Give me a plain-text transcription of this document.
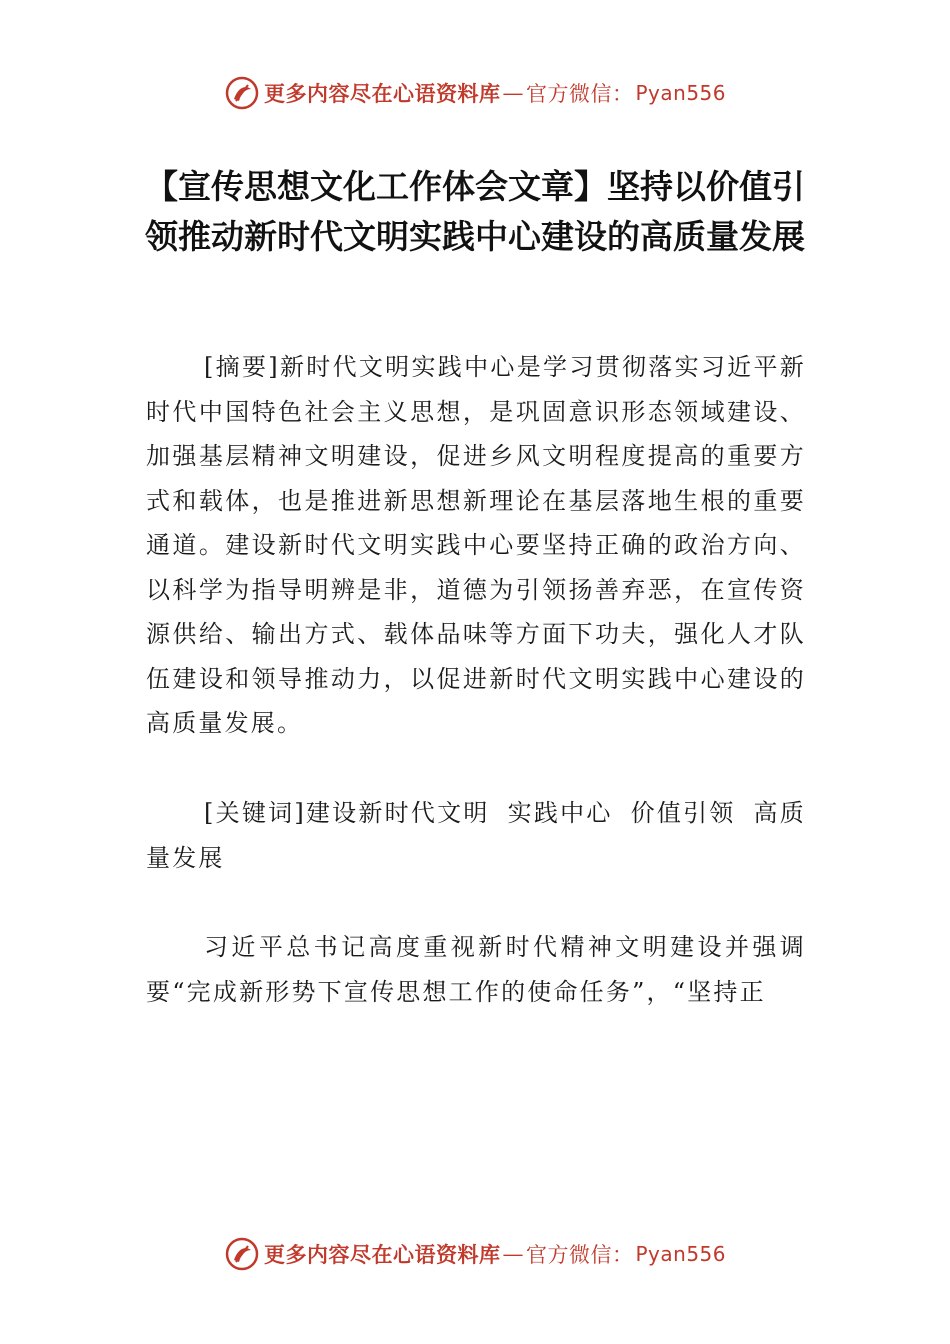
更多内容尽在心语资料库 — 官方微信： Pyan556
【宣传思想文化工作体会文章】坚持以价值引领推动新时代文明实践中心建设的高质量发展

[摘要]新时代文明实践中心是学习贯彻落实习近平新时代中国特色社会主义思想，是巩固意识形态领域建设、加强基层精神文明建设，促进乡风文明程度提高的重要方式和载体，也是推进新思想新理论在基层落地生根的重要通道。建设新时代文明实践中心要坚持正确的政治方向、以科学为指导明辨是非，道德为引领扬善弃恶，在宣传资源供给、输出方式、载体品味等方面下功夫，强化人才队伍建设和领导推动力，以促进新时代文明实践中心建设的高质量发展。

[关键词]建设新时代文明 实践中心 价值引领 高质量发展

习近平总书记高度重视新时代精神文明建设并强调要“完成新形势下宣传思想工作的使命任务”，“坚持正

更多内容尽在心语资料库 — 官方微信： Pyan556
